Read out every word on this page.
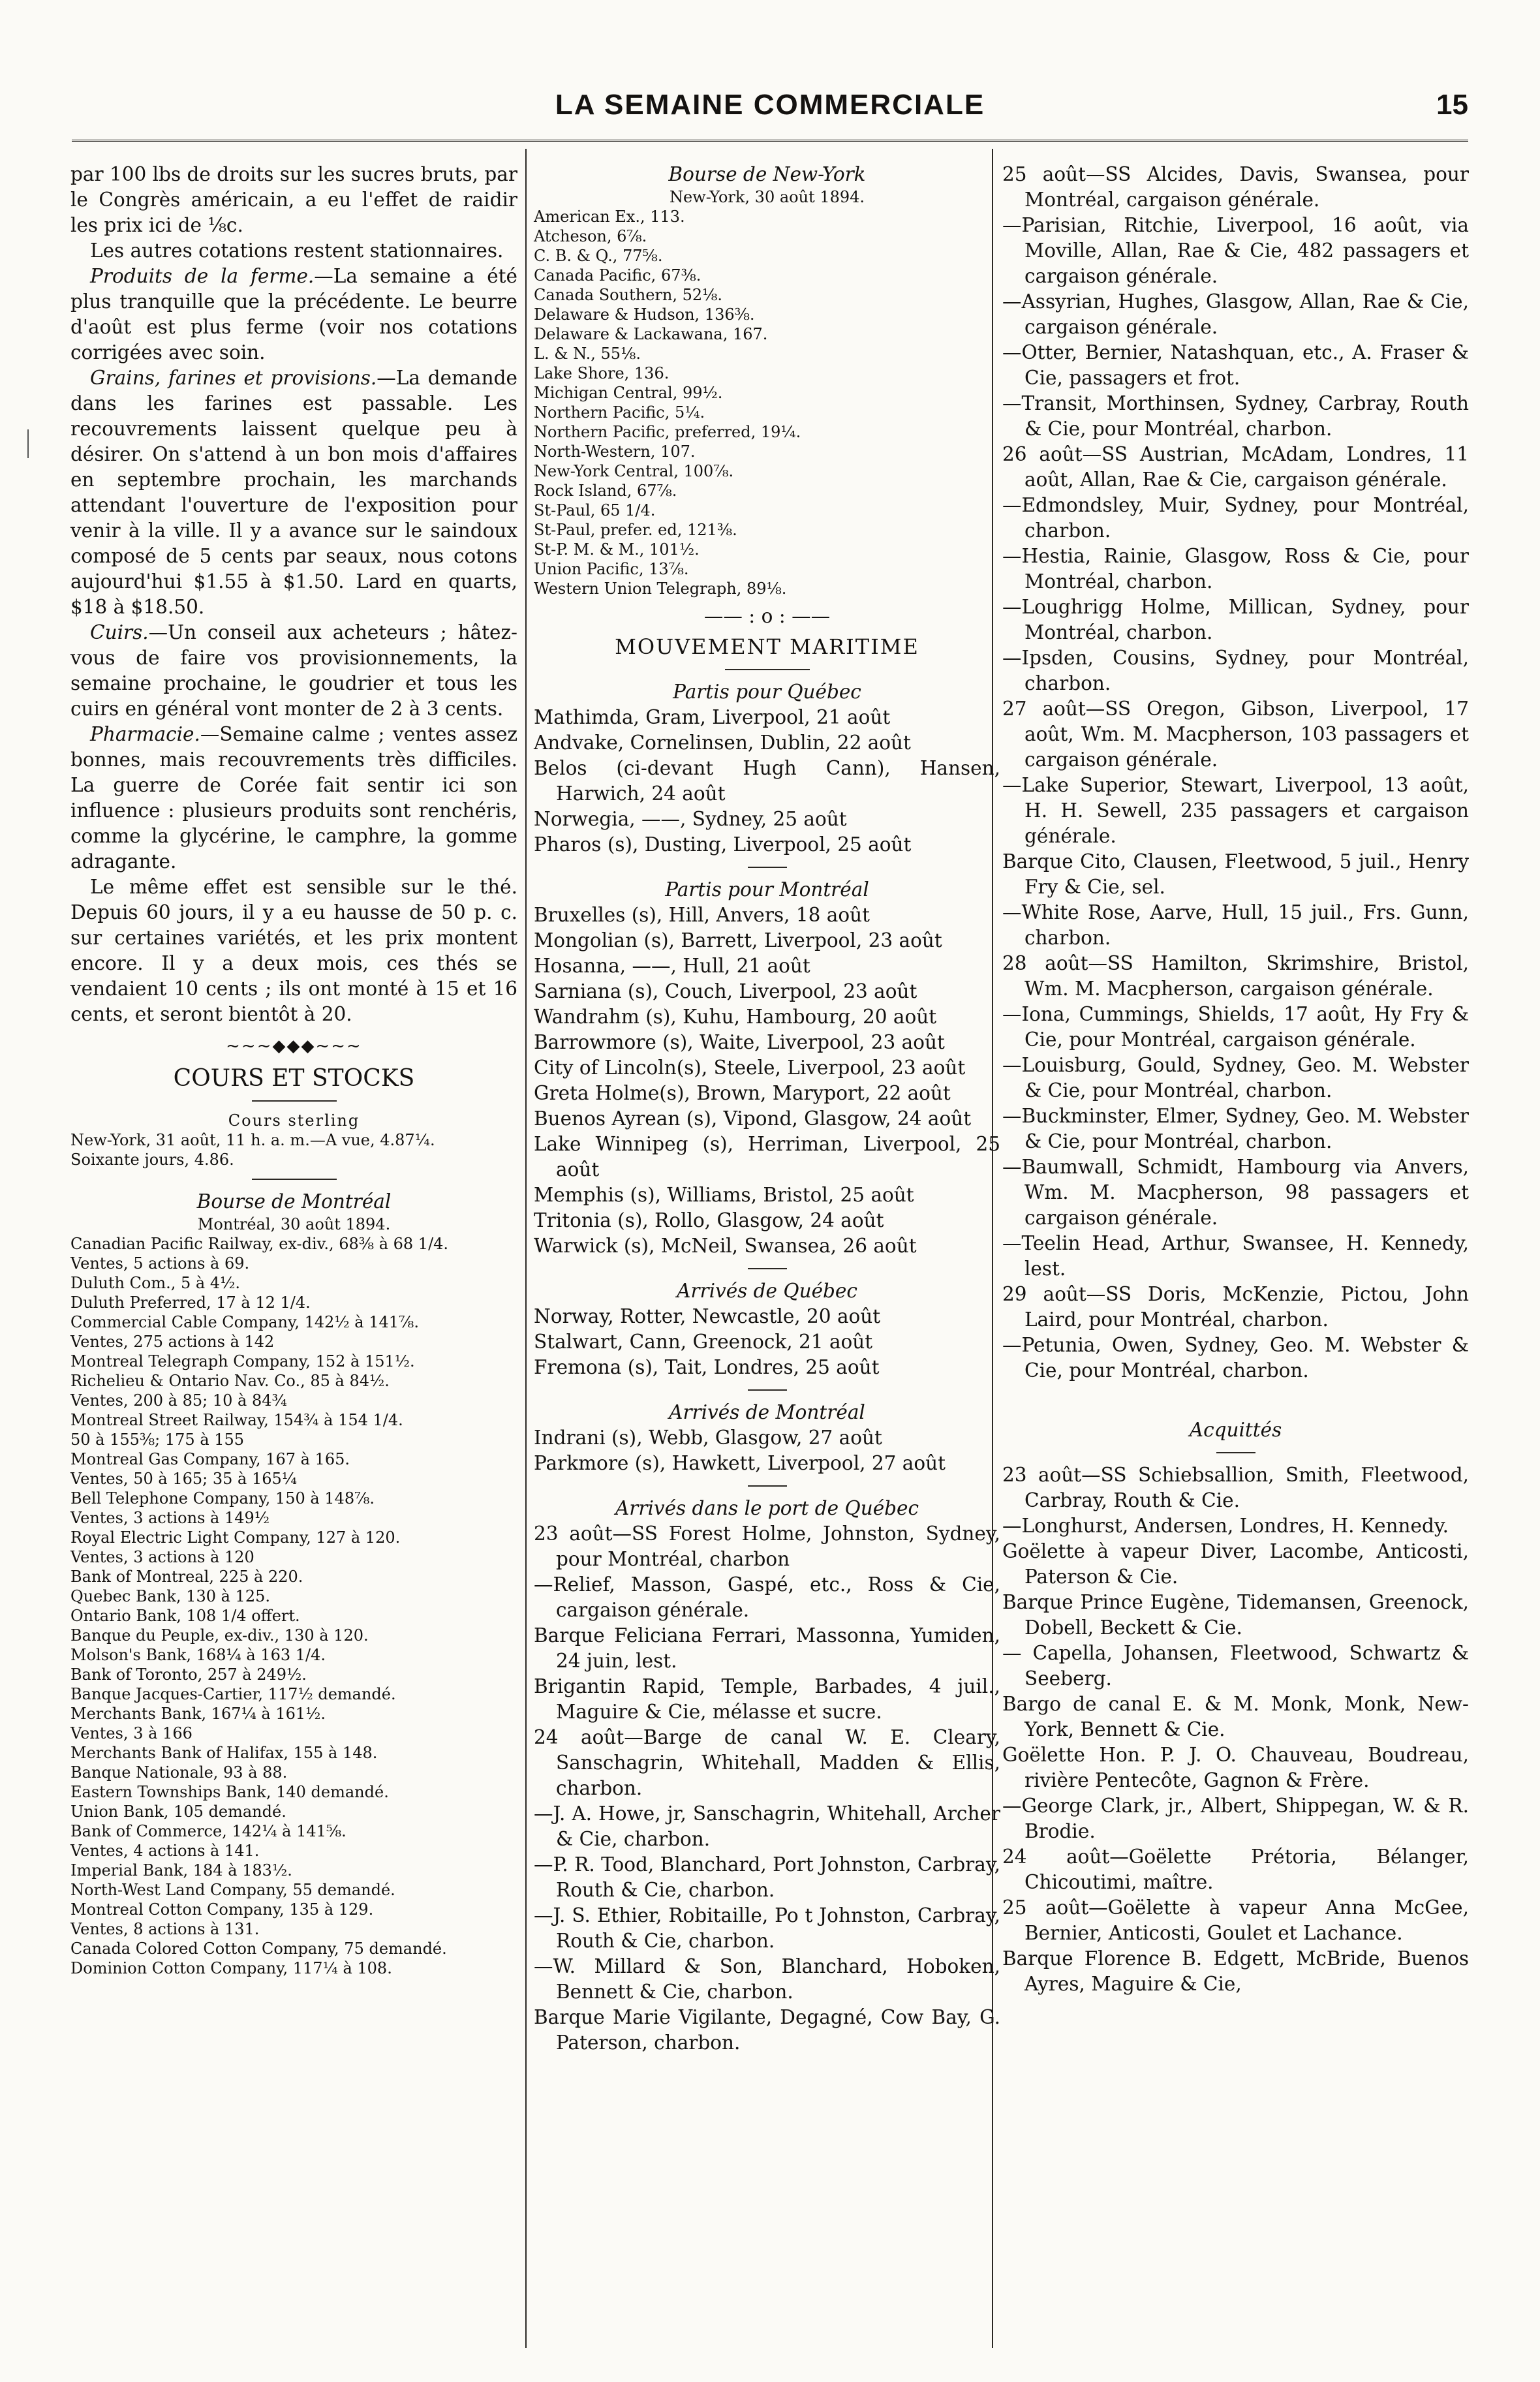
LA SEMAINE COMMERCIALE	15

par 100 lbs de droits sur les sucres bruts, par le Congrès américain, a eu l'effet de raidir les prix ici de ⅛c.

Les autres cotations restent stationnaires.

Produits de la ferme.—La semaine a été plus tranquille que la précédente. Le beurre d'août est plus ferme (voir nos cotations corrigées avec soin.

Grains, farines et provisions.—La demande dans les farines est passable. Les recouvrements laissent quelque peu à désirer. On s'attend à un bon mois d'affaires en septembre prochain, les marchands attendant l'ouverture de l'exposition pour venir à la ville. Il y a avance sur le saindoux composé de 5 cents par seaux, nous cotons aujourd'hui $1.55 à $1.50. Lard en quarts, $18 à $18.50.

Cuirs.—Un conseil aux acheteurs ; hâtez-vous de faire vos provisionnements, la semaine prochaine, le goudrier et tous les cuirs en général vont monter de 2 à 3 cents.

Pharmacie.—Semaine calme ; ventes assez bonnes, mais recouvrements très difficiles. La guerre de Corée fait sentir ici son influence : plusieurs produits sont renchéris, comme la glycérine, le camphre, la gomme adragante.

Le même effet est sensible sur le thé. Depuis 60 jours, il y a eu hausse de 50 p. c. sur certaines variétés, et les prix montent encore. Il y a deux mois, ces thés se vendaient 10 cents ; ils ont monté à 15 et 16 cents, et seront bientôt à 20.

~~~◆◆◆~~~

COURS ET STOCKS

Cours sterling

New-York, 31 août, 11 h. a. m.—A vue, 4.87¼.

Soixante jours, 4.86.

Bourse de Montréal

Montréal, 30 août 1894.

Canadian Pacific Railway, ex-div., 68⅜ à 68 1/4.

Ventes, 5 actions à 69.

Duluth Com., 5 à 4½.

Duluth Preferred, 17 à 12 1/4.

Commercial Cable Company, 142½ à 141⅞.

Ventes, 275 actions à 142

Montreal Telegraph Company, 152 à 151½.

Richelieu & Ontario Nav. Co., 85 à 84½.

Ventes, 200 à 85; 10 à 84¾

Montreal Street Railway, 154¾ à 154 1/4.

50 à 155⅜; 175 à 155

Montreal Gas Company, 167 à 165.

Ventes, 50 à 165; 35 à 165¼

Bell Telephone Company, 150 à 148⅞.

Ventes, 3 actions à 149½

Royal Electric Light Company, 127 à 120.

Ventes, 3 actions à 120

Bank of Montreal, 225 à 220.

Quebec Bank, 130 à 125.

Ontario Bank, 108 1/4 offert.

Banque du Peuple, ex-div., 130 à 120.

Molson's Bank, 168¼ à 163 1/4.

Bank of Toronto, 257 à 249½.

Banque Jacques-Cartier, 117½ demandé.

Merchants Bank, 167¼ à 161½.

Ventes, 3 à 166

Merchants Bank of Halifax, 155 à 148.

Banque Nationale, 93 à 88.

Eastern Townships Bank, 140 demandé.

Union Bank, 105 demandé.

Bank of Commerce, 142¼ à 141⅝.

Ventes, 4 actions à 141.

Imperial Bank, 184 à 183½.

North-West Land Company, 55 demandé.

Montreal Cotton Company, 135 à 129.

Ventes, 8 actions à 131.

Canada Colored Cotton Company, 75 demandé.

Dominion Cotton Company, 117¼ à 108.

Bourse de New-York

New-York, 30 août 1894.

American Ex., 113.

Atcheson, 6⅞.

C. B. & Q., 77⅝.

Canada Pacific, 67⅜.

Canada Southern, 52⅛.

Delaware & Hudson, 136⅜.

Delaware & Lackawana, 167.

L. & N., 55⅛.

Lake Shore, 136.

Michigan Central, 99½.

Northern Pacific, 5¼.

Northern Pacific, preferred, 19¼.

North-Western, 107.

New-York Central, 100⅞.

Rock Island, 67⅞.

St-Paul, 65 1/4.

St-Paul, prefer. ed, 121⅜.

St-P. M. & M., 101½.

Union Pacific, 13⅞.

Western Union Telegraph, 89⅛.

—— : o : ——

MOUVEMENT MARITIME

Partis pour Québec

Mathimda, Gram, Liverpool, 21 août

Andvake, Cornelinsen, Dublin, 22 août

Belos (ci-devant Hugh Cann), Hansen, Harwich, 24 août

Norwegia, ——, Sydney, 25 août

Pharos (s), Dusting, Liverpool, 25 août

Partis pour Montréal

Bruxelles (s), Hill, Anvers, 18 août

Mongolian (s), Barrett, Liverpool, 23 août

Hosanna, ——, Hull, 21 août

Sarniana (s), Couch, Liverpool, 23 août

Wandrahm (s), Kuhu, Hambourg, 20 août

Barrowmore (s), Waite, Liverpool, 23 août

City of Lincoln(s), Steele, Liverpool, 23 août

Greta Holme(s), Brown, Maryport, 22 août

Buenos Ayrean (s), Vipond, Glasgow, 24 août

Lake Winnipeg (s), Herriman, Liverpool, 25 août

Memphis (s), Williams, Bristol, 25 août

Tritonia (s), Rollo, Glasgow, 24 août

Warwick (s), McNeil, Swansea, 26 août

Arrivés de Québec

Norway, Rotter, Newcastle, 20 août

Stalwart, Cann, Greenock, 21 août

Fremona (s), Tait, Londres, 25 août

Arrivés de Montréal

Indrani (s), Webb, Glasgow, 27 août

Parkmore (s), Hawkett, Liverpool, 27 août

Arrivés dans le port de Québec

23 août—SS Forest Holme, Johnston, Sydney, pour Montréal, charbon

—Relief, Masson, Gaspé, etc., Ross & Cie, cargaison générale.

Barque Feliciana Ferrari, Massonna, Yumiden, 24 juin, lest.

Brigantin Rapid, Temple, Barbades, 4 juil., Maguire & Cie, mélasse et sucre.

24 août—Barge de canal W. E. Cleary, Sanschagrin, Whitehall, Madden & Ellis, charbon.

—J. A. Howe, jr, Sanschagrin, Whitehall, Archer & Cie, charbon.

—P. R. Tood, Blanchard, Port Johnston, Carbray, Routh & Cie, charbon.

—J. S. Ethier, Robitaille, Po t Johnston, Carbray, Routh & Cie, charbon.

—W. Millard & Son, Blanchard, Hoboken, Bennett & Cie, charbon.

Barque Marie Vigilante, Degagné, Cow Bay, G. Paterson, charbon.

25 août—SS Alcides, Davis, Swansea, pour Montréal, cargaison générale.

—Parisian, Ritchie, Liverpool, 16 août, via Moville, Allan, Rae & Cie, 482 passagers et cargaison générale.

—Assyrian, Hughes, Glasgow, Allan, Rae & Cie, cargaison générale.

—Otter, Bernier, Natashquan, etc., A. Fraser & Cie, passagers et frot.

—Transit, Morthinsen, Sydney, Carbray, Routh & Cie, pour Montréal, charbon.

26 août—SS Austrian, McAdam, Londres, 11 août, Allan, Rae & Cie, cargaison générale.

—Edmondsley, Muir, Sydney, pour Montréal, charbon.

—Hestia, Rainie, Glasgow, Ross & Cie, pour Montréal, charbon.

—Loughrigg Holme, Millican, Sydney, pour Montréal, charbon.

—Ipsden, Cousins, Sydney, pour Montréal, charbon.

27 août—SS Oregon, Gibson, Liverpool, 17 août, Wm. M. Macpherson, 103 passagers et cargaison générale.

—Lake Superior, Stewart, Liverpool, 13 août, H. H. Sewell, 235 passagers et cargaison générale.

Barque Cito, Clausen, Fleetwood, 5 juil., Henry Fry & Cie, sel.

—White Rose, Aarve, Hull, 15 juil., Frs. Gunn, charbon.

28 août—SS Hamilton, Skrimshire, Bristol, Wm. M. Macpherson, cargaison générale.

—Iona, Cummings, Shields, 17 août, Hy Fry & Cie, pour Montréal, cargaison générale.

—Louisburg, Gould, Sydney, Geo. M. Webster & Cie, pour Montréal, charbon.

—Buckminster, Elmer, Sydney, Geo. M. Webster & Cie, pour Montréal, charbon.

—Baumwall, Schmidt, Hambourg via Anvers, Wm. M. Macpherson, 98 passagers et cargaison générale.

—Teelin Head, Arthur, Swansee, H. Kennedy, lest.

29 août—SS Doris, McKenzie, Pictou, John Laird, pour Montréal, charbon.

—Petunia, Owen, Sydney, Geo. M. Webster & Cie, pour Montréal, charbon.

Acquittés

23 août—SS Schiebsallion, Smith, Fleetwood, Carbray, Routh & Cie.

—Longhurst, Andersen, Londres, H. Kennedy.

Goëlette à vapeur Diver, Lacombe, Anticosti, Paterson & Cie.

Barque Prince Eugène, Tidemansen, Greenock, Dobell, Beckett & Cie.

— Capella, Johansen, Fleetwood, Schwartz & Seeberg.

Bargo de canal E. & M. Monk, Monk, New-York, Bennett & Cie.

Goëlette Hon. P. J. O. Chauveau, Boudreau, rivière Pentecôte, Gagnon & Frère.

—George Clark, jr., Albert, Shippegan, W. & R. Brodie.

24 août—Goëlette Prétoria, Bélanger, Chicoutimi, maître.

25 août—Goëlette à vapeur Anna McGee, Bernier, Anticosti, Goulet et Lachance.

Barque Florence B. Edgett, McBride, Buenos Ayres, Maguire & Cie,
